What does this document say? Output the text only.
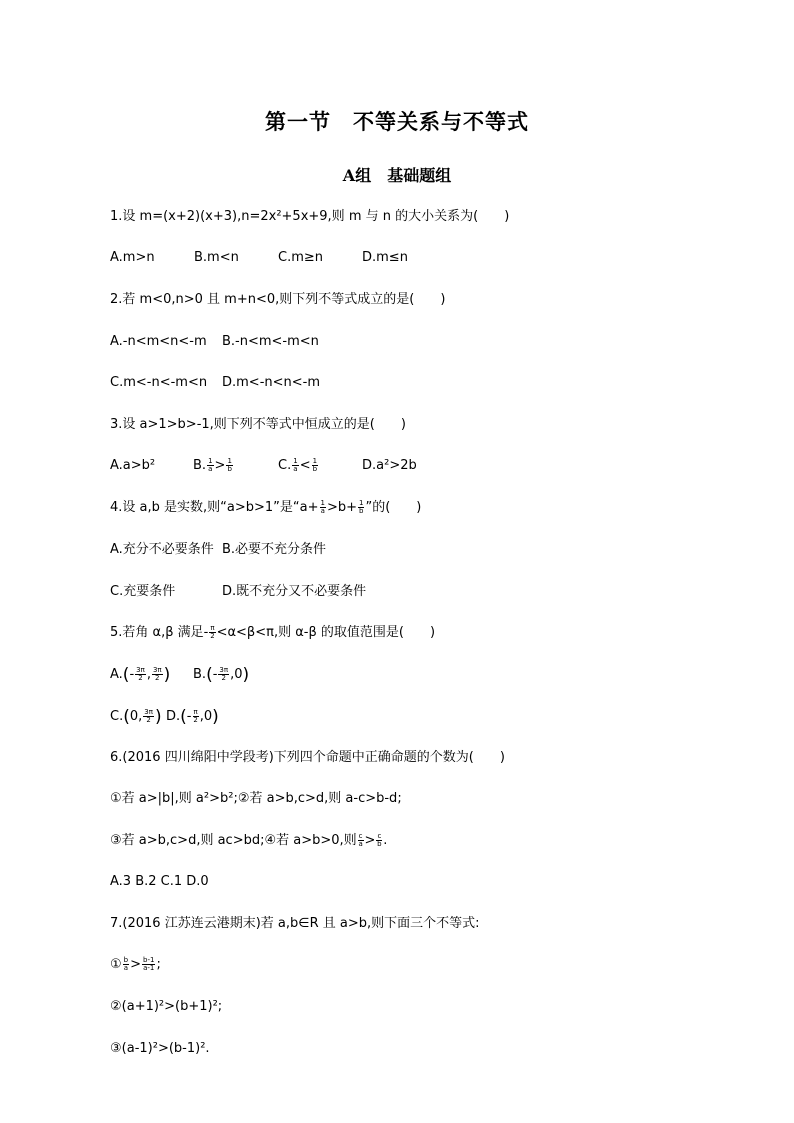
第一节　不等关系与不等式
A组　基础题组
1.设 m=(x+2)(x+3),n=2x²+5x+9,则 m 与 n 的大小关系为(　　)
A.m>n	B.m<n	C.m≥n	D.m≤n
2.若 m<0,n>0 且 m+n<0,则下列不等式成立的是(　　)
A.-n<m<n<-m B.-n<m<-m<n
C.m<-n<-m<n D.m<-n<n<-m
3.设 a>1>b>-1,则下列不等式中恒成立的是(　　)
A.a>b²	B. $\frac{1}{a} > \frac{1}{b}$	C. $\frac{1}{a} < \frac{1}{b}$	D.a²>2b
4.设 a,b 是实数,则“a>b>1”是“$a+ \frac{1}{a} >b+ \frac{1}{b}$ ”的(　　)
A.充分不必要条件 B.必要不充分条件
C.充要条件	D.既不充分又不必要条件
5.若角 α,β 满足- $\frac{\pi}{2} <\alpha<\beta<\pi$,则 α-β 的取值范围是(　　)
$A.(- \frac{3\pi}{2}$ , $\frac{3\pi}{2}$ ) $B.(- \frac{3\pi}{2} ,0)$
C.(0, $\frac{3\pi}{2}$ ) $D.(- \frac{\pi}{2} ,0)$
6.(2016 四川绵阳中学段考)下列四个命题中正确命题的个数为(　　)
①若 a>|b|,则 a²>b²;②若 a>b,c>d,则 a-c>b-d;
③若 a>b,c>d,则 ac>bd;④若 a>b>0,则 $\frac{c}{a} > \frac{c}{b}$ .
A.3 B.2 C.1 D.0
7.(2016 江苏连云港期末)若 a,b∈R 且 a>b,则下面三个不等式:
① $\frac{b}{a} > \frac{b-1}{a-1}$ ;
②(a+1)²>(b+1)²;
③(a-1)²>(b-1)².
